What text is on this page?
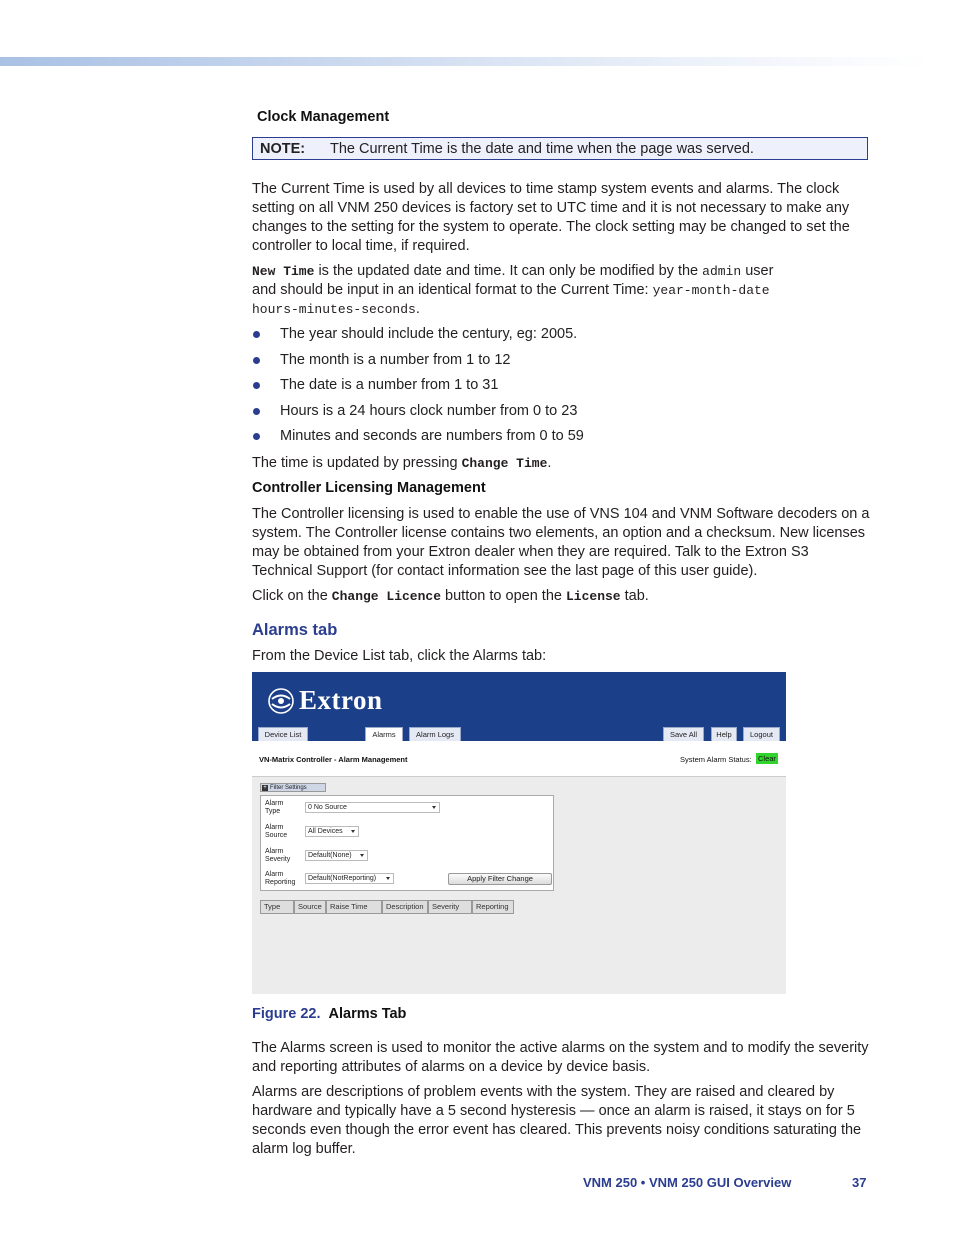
Clock Management
NOTE: The Current Time is the date and time when the page was served.
The Current Time is used by all devices to time stamp system events and alarms. The clock setting on all VNM 250 devices is factory set to UTC time and it is not necessary to make any changes to the setting for the system to operate. The clock setting may be changed to set the controller to local time, if required.
New Time is the updated date and time. It can only be modified by the admin user
and should be input in an identical format to the Current Time: year-month-date
hours-minutes-seconds.
The year should include the century, eg: 2005.
The month is a number from 1 to 12
The date is a number from 1 to 31
Hours is a 24 hours clock number from 0 to 23
Minutes and seconds are numbers from 0 to 59
The time is updated by pressing Change Time.
Controller Licensing Management
The Controller licensing is used to enable the use of VNS 104 and VNM Software decoders on a system. The Controller license contains two elements, an option and a checksum. New licenses may be obtained from your Extron dealer when they are required. Talk to the Extron S3 Technical Support (for contact information see the last page of this user guide).
Click on the Change Licence button to open the License tab.
Alarms tab
From the Device List tab, click the Alarms tab:
Extron
Device List	Alarms	Alarm Logs	Save All	Help	Logout
VN-Matrix Controller - Alarm Management	System Alarm Status: Clear
+ Filter Settings
Alarm
Type
0 No Source
Alarm
Source
All Devices
Alarm
Severity
Default(None)
Alarm
Reporting
Default(NotReporting)	Apply Filter Change
Type	Source	Raise Time	Description	Severity	Reporting
Figure 22. Alarms Tab
The Alarms screen is used to monitor the active alarms on the system and to modify the severity and reporting attributes of alarms on a device by device basis.
Alarms are descriptions of problem events with the system. They are raised and cleared by hardware and typically have a 5 second hysteresis — once an alarm is raised, it stays on for 5 seconds even though the error event has cleared. This prevents noisy conditions saturating the alarm log buffer.
VNM 250 • VNM 250 GUI Overview	37
